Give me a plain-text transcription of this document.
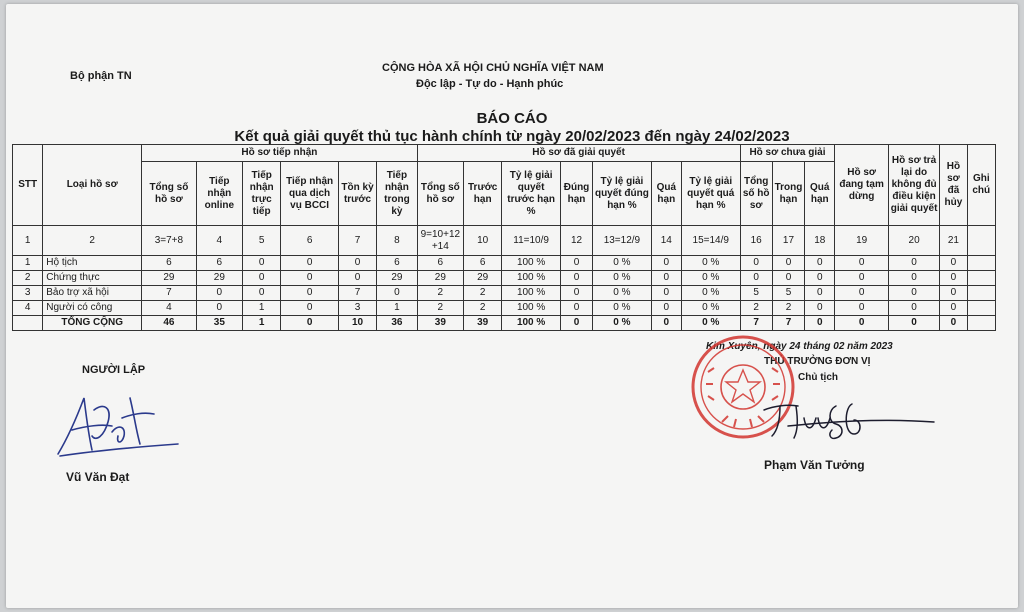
Bộ phận TN
CỘNG HÒA XÃ HỘI CHỦ NGHĨA VIỆT NAM
Độc lập - Tự do - Hạnh phúc
BÁO CÁO
Kết quả giải quyết thủ tục hành chính từ ngày 20/02/2023 đến ngày 24/02/2023
STT	Loại hồ sơ	Hồ sơ tiếp nhận						Hồ sơ đã giải quyết							Hồ sơ chưa giải			Hồ sơ đang tạm dừng	Hồ sơ trả lại do không đủ điều kiện giải quyết	Hồ sơ đã hủy	Ghi chú
		Tổng số hồ sơ	Tiếp nhận online	Tiếp nhận trực tiếp	Tiếp nhận qua dịch vụ BCCI	Tồn kỳ trước	Tiếp nhận trong kỳ	Tổng số hồ sơ	Trước hạn	Tỷ lệ giải quyết trước hạn %	Đúng hạn	Tỷ lệ giải quyết đúng hạn %	Quá hạn	Tỷ lệ giải quyết quá hạn %	Tổng số hồ sơ	Trong hạn	Quá hạn				
1	2	3=7+8	4	5	6	7	8	9=10+12 +14	10	11=10/9	12	13=12/9	14	15=14/9	16	17	18	19	20	21	
1	Hộ tịch	6	6	0	0	0	6	6	6	100 %	0	0 %	0	0 %	0	0	0	0	0	0	
2	Chứng thực	29	29	0	0	0	29	29	29	100 %	0	0 %	0	0 %	0	0	0	0	0	0	
3	Bảo trợ xã hội	7	0	0	0	7	0	2	2	100 %	0	0 %	0	0 %	5	5	0	0	0	0	
4	Người có công	4	0	1	0	3	1	2	2	100 %	0	0 %	0	0 %	2	2	0	0	0	0	
	TỔNG CỘNG	46	35	1	0	10	36	39	39	100 %	0	0 %	0	0 %	7	7	0	0	0	0	
NGƯỜI LẬP
Vũ Văn Đạt
Kim Xuyên, ngày 24 tháng 02 năm 2023
THỦ TRƯỞNG ĐƠN VỊ
Chủ tịch
Phạm Văn Tưởng
